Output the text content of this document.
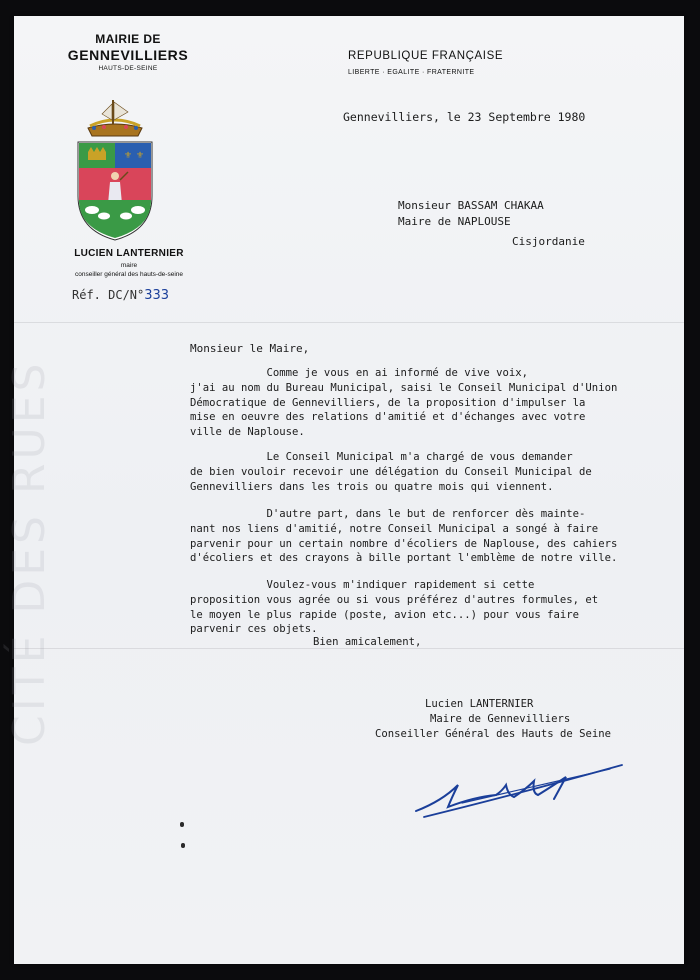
CITÉ DES RUES
MAIRIE DE
GENNEVILLIERS
HAUTS-DE-SEINE
⚜ ⚜
LUCIEN LANTERNIER
maire
conseiller général des hauts-de-seine
Réf. DC/N°333
REPUBLIQUE FRANÇAISE
LIBERTE · EGALITE · FRATERNITE
Gennevilliers, le 23 Septembre 1980
Monsieur BASSAM CHAKAA
Maire de NAPLOUSE
Cisjordanie
Monsieur le Maire,
Comme je vous en ai informé de vive voix,
j'ai au nom du Bureau Municipal, saisi le Conseil Municipal d'Union
Démocratique de Gennevilliers, de la proposition d'impulser la
mise en oeuvre des relations d'amitié et d'échanges avec votre
ville de Naplouse.
Le Conseil Municipal m'a chargé de vous demander
de bien vouloir recevoir une délégation du Conseil Municipal de
Gennevilliers dans les trois ou quatre mois qui viennent.
D'autre part, dans le but de renforcer dès mainte-
nant nos liens d'amitié, notre Conseil Municipal a songé à faire
parvenir pour un certain nombre d'écoliers de Naplouse, des cahiers
d'écoliers et des crayons à bille portant l'emblème de notre ville.
Voulez-vous m'indiquer rapidement si cette
proposition vous agrée ou si vous préférez d'autres formules, et
le moyen le plus rapide (poste, avion etc...) pour vous faire
parvenir ces objets.
Bien amicalement,
Lucien LANTERNIER
Maire de Gennevilliers
Conseiller Général des Hauts de Seine
